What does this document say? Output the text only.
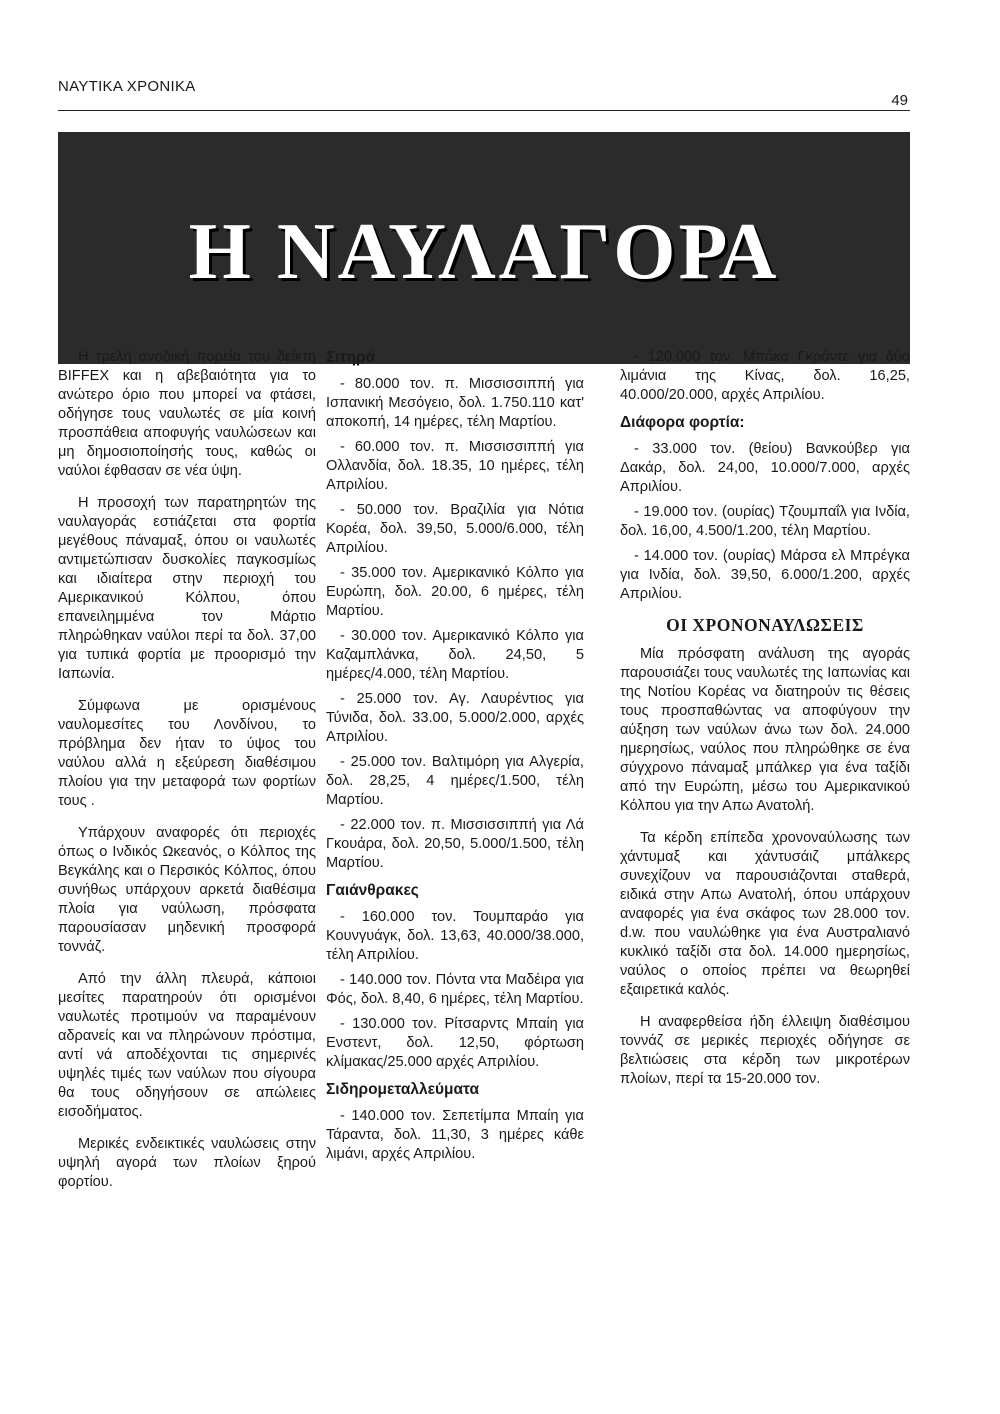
ΝΑΥΤΙΚΑ ΧΡΟΝΙΚΑ
49
Η ΝΑΥΛΑΓΟΡΑ

Η τρελή ανοδική πορεία του δείκτη BIFFEX και η αβεβαιότητα για το ανώτερο όριο που μπορεί να φτάσει, οδήγησε τους ναυλωτές σε μία κοινή προσπάθεια αποφυγής ναυλώσεων και μη δημοσιοποίησής τους, καθώς οι ναύλοι έφθασαν σε νέα ύψη.

Η προσοχή των παρατηρητών της ναυλαγοράς εστιάζεται στα φορτία μεγέθους πάναμαξ, όπου οι ναυλωτές αντιμετώπισαν δυσκολίες παγκοσμίως και ιδιαίτερα στην περιοχή του Αμερικανικού Κόλπου, όπου επανειλημμένα τον Μάρτιο πληρώθηκαν ναύλοι περί τα δολ. 37,00 για τυπικά φορτία με προορισμό την Ιαπωνία.

Σύμφωνα με ορισμένους ναυλομεσίτες του Λονδίνου, το πρόβλημα δεν ήταν το ύψος του ναύλου αλλά η εξεύρεση διαθέσιμου πλοίου για την μεταφορά των φορτίων τους .

Υπάρχουν αναφορές ότι περιοχές όπως ο Ινδικός Ωκεανός, ο Κόλπος της Βεγκάλης και ο Περσικός Κόλπος, όπου συνήθως υπάρχουν αρκετά διαθέσιμα πλοία για ναύλωση, πρόσφατα παρουσίασαν μηδενική προσφορά τοννάζ.

Από την άλλη πλευρά, κάποιοι μεσίτες παρατηρούν ότι ορισμένοι ναυλωτές προτιμούν να παραμένουν αδρανείς και να πληρώνουν πρόστιμα, αντί νά αποδέχονται τις σημερινές υψηλές τιμές των ναύλων που σίγουρα θα τους οδηγήσουν σε απώλειες εισοδήματος.

Μερικές ενδεικτικές ναυλώσεις στην υψηλή αγορά των πλοίων ξηρού φορτίου.

Σιτηρά

- 80.000 τον. π. Μισσισσιππή για Ισπανική Μεσόγειο, δολ. 1.750.110 κατ' αποκοπή, 14 ημέρες, τέλη Μαρτίου.

- 60.000 τον. π. Μισσισσιππή για Ολλανδία, δολ. 18.35, 10 ημέρες, τέλη Απριλίου.

- 50.000 τον. Βραζιλία για Νότια Κορέα, δολ. 39,50, 5.000/6.000, τέλη Απριλίου.

- 35.000 τον. Αμερικανικό Κόλπο για Ευρώπη, δολ. 20.00, 6 ημέρες, τέλη Μαρτίου.

- 30.000 τον. Αμερικανικό Κόλπο για Καζαμπλάνκα, δολ. 24,50, 5 ημέρες/4.000, τέλη Μαρτίου.

- 25.000 τον. Αγ. Λαυρέντιος για Τύνιδα, δολ. 33.00, 5.000/2.000, αρχές Απριλίου.

- 25.000 τον. Βαλτιμόρη για Αλγερία, δολ. 28,25, 4 ημέρες/1.500, τέλη Μαρτίου.

- 22.000 τον. π. Μισσισσιππή για Λά Γκουάρα, δολ. 20,50, 5.000/1.500, τέλη Μαρτίου.

Γαιάνθρακες

- 160.000 τον. Τουμπαράο για Κουνγυάγκ, δολ. 13,63, 40.000/38.000, τέλη Απριλίου.

- 140.000 τον. Πόντα ντα Μαδέιρα για Φός, δολ. 8,40, 6 ημέρες, τέλη Μαρτίου.

- 130.000 τον. Ρίτσαρντς Μπαίη για Ενστεντ, δολ. 12,50, φόρτωση κλίμακας/25.000 αρχές Απριλίου.

Σιδηρομεταλλεύματα

- 140.000 τον. Σεπετίμπα Μπαίη για Τάραντα, δολ. 11,30, 3 ημέρες κάθε λιμάνι, αρχές Απριλίου.

- 120.000 τον. Μπόκα Γκράντε για δύο λιμάνια της Κίνας, δολ. 16,25, 40.000/20.000, αρχές Απριλίου.

Διάφορα φορτία:

- 33.000 τον. (θείου) Βανκούβερ για Δακάρ, δολ. 24,00, 10.000/7.000, αρχές Απριλίου.

- 19.000 τον. (ουρίας) Τζουμπαΐλ για Ινδία, δολ. 16,00, 4.500/1.200, τέλη Μαρτίου.

- 14.000 τον. (ουρίας) Μάρσα ελ Μπρέγκα για Ινδία, δολ. 39,50, 6.000/1.200, αρχές Απριλίου.

ΟΙ ΧΡΟΝΟΝΑΥΛΩΣΕΙΣ

Μία πρόσφατη ανάλυση της αγοράς παρουσιάζει τους ναυλωτές της Ιαπωνίας και της Νοτίου Κορέας να διατηρούν τις θέσεις τους προσπαθώντας να αποφύγουν την αύξηση των ναύλων άνω των δολ. 24.000 ημερησίως, ναύλος που πληρώθηκε σε ένα σύγχρονο πάναμαξ μπάλκερ για ένα ταξίδι από την Ευρώπη, μέσω του Αμερικανικού Κόλπου για την Απω Ανατολή.

Τα κέρδη επίπεδα χρονοναύλωσης των χάντυμαξ και χάντυσάιζ μπάλκερς συνεχίζουν να παρουσιάζονται σταθερά, ειδικά στην Απω Ανατολή, όπου υπάρχουν αναφορές για ένα σκάφος των 28.000 τον. d.w. που ναυλώθηκε για ένα Αυστραλιανό κυκλικό ταξίδι στα δολ. 14.000 ημερησίως, ναύλος ο οποίος πρέπει να θεωρηθεί εξαιρετικά καλός.

Η αναφερθείσα ήδη έλλειψη διαθέσιμου τοννάζ σε μερικές περιοχές οδήγησε σε βελτιώσεις στα κέρδη των μικροτέρων πλοίων, περί τα 15-20.000 τον.
